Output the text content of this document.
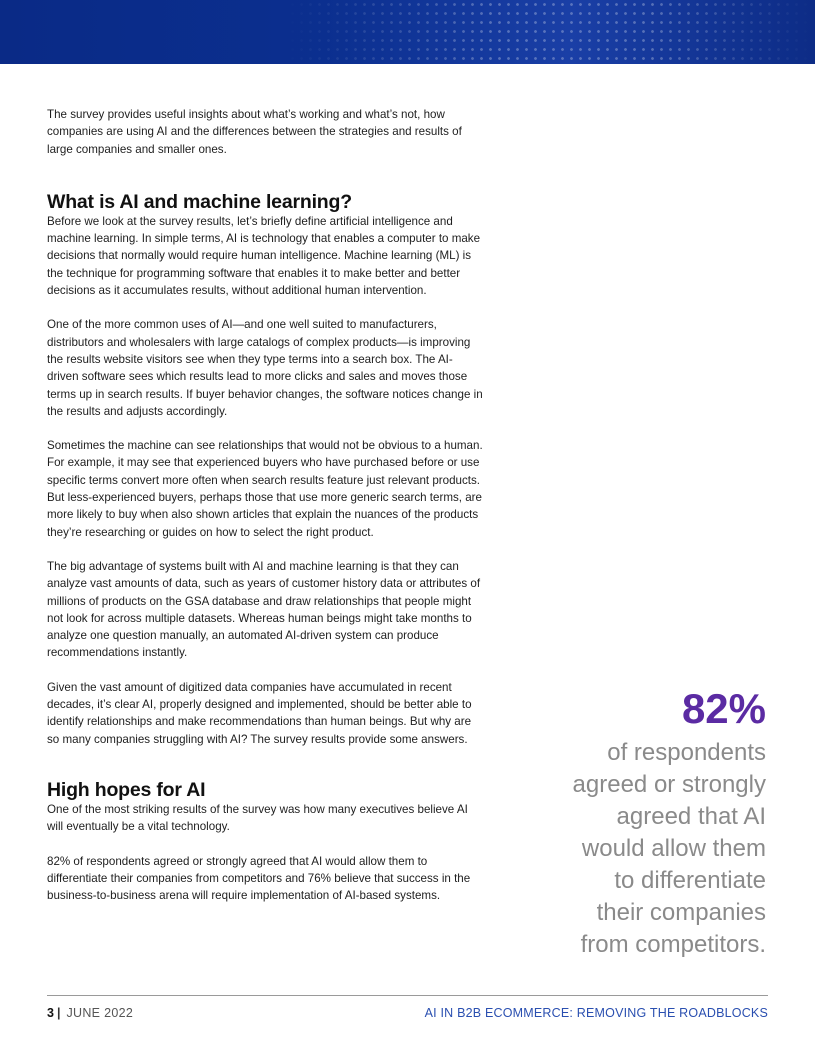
The survey provides useful insights about what’s working and what’s not, how companies are using AI and the differences between the strategies and results of large companies and smaller ones.

What is AI and machine learning?

Before we look at the survey results, let’s briefly define artificial intelligence and machine learning. In simple terms, AI is technology that enables a computer to make decisions that normally would require human intelligence. Machine learning (ML) is the technique for programming software that enables it to make better and better decisions as it accumulates results, without additional human intervention.

One of the more common uses of AI—and one well suited to manufacturers, distributors and wholesalers with large catalogs of complex products—is improving the results website visitors see when they type terms into a search box. The AI-driven software sees which results lead to more clicks and sales and moves those terms up in search results. If buyer behavior changes, the software notices change in the results and adjusts accordingly.

Sometimes the machine can see relationships that would not be obvious to a human. For example, it may see that experienced buyers who have purchased before or use specific terms convert more often when search results feature just relevant products. But less-experienced buyers, perhaps those that use more generic search terms, are more likely to buy when also shown articles that explain the nuances of the products they’re researching or guides on how to select the right product.

The big advantage of systems built with AI and machine learning is that they can analyze vast amounts of data, such as years of customer history data or attributes of millions of products on the GSA database and draw relationships that people might not look for across multiple datasets. Whereas human beings might take months to analyze one question manually, an automated AI-driven system can produce recommendations instantly.

Given the vast amount of digitized data companies have accumulated in recent decades, it’s clear AI, properly designed and implemented, should be better able to identify relationships and make recommendations than human beings. But why are so many companies struggling with AI? The survey results provide some answers.

High hopes for AI

One of the most striking results of the survey was how many executives believe AI will eventually be a vital technology.

82% of respondents agreed or strongly agreed that AI would allow them to differentiate their companies from competitors and 76% believe that success in the business-to-business arena will require implementation of AI-based systems.

82%
of respondents
agreed or strongly
agreed that AI
would allow them
to differentiate
their companies
from competitors.
3 | JUNE 2022	AI IN B2B ECOMMERCE: REMOVING THE ROADBLOCKS
